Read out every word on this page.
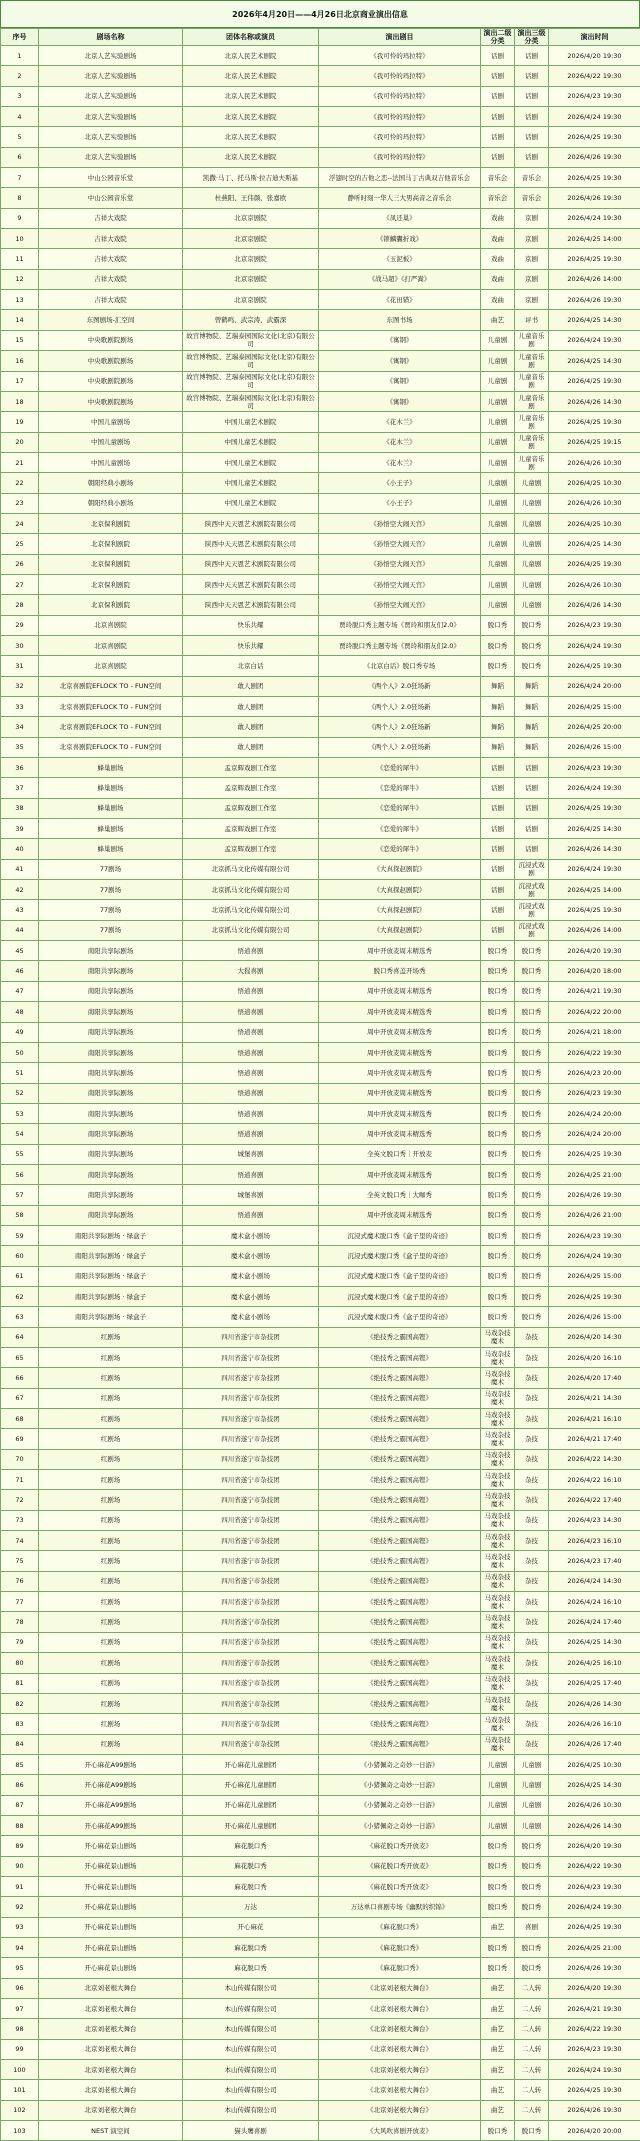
2026年4月20日——4月26日北京商业演出信息
序号	剧场名称	团体名称或演员	演出剧目	演出二级分类	演出三级分类	演出时间
1	北京人艺实验剧场	北京人民艺术剧院	《我可怜的玛拉特》	话剧	话剧	2026/4/20 19:30
2	北京人艺实验剧场	北京人民艺术剧院	《我可怜的玛拉特》	话剧	话剧	2026/4/22 19:30
3	北京人艺实验剧场	北京人民艺术剧院	《我可怜的玛拉特》	话剧	话剧	2026/4/23 19:30
4	北京人艺实验剧场	北京人民艺术剧院	《我可怜的玛拉特》	话剧	话剧	2026/4/24 19:30
5	北京人艺实验剧场	北京人民艺术剧院	《我可怜的玛拉特》	话剧	话剧	2026/4/25 19:30
6	北京人艺实验剧场	北京人民艺术剧院	《我可怜的玛拉特》	话剧	话剧	2026/4/26 19:30
7	中山公园音乐堂	凯撒·马丁、托马斯·拉吉迪夫斯基	浮翅时空的吉他之恋--法国马丁古典双吉他音乐会	音乐会	音乐会	2026/4/25 19:30
8	中山公园音乐堂	杜燕阳、王伟颜、张嘉欧	静听时刻一华人三大男高音之音乐会	音乐会	音乐会	2026/4/26 19:30
9	吉祥大戏院	北京京剧院	《凤还巢》	戏曲	京剧	2026/4/24 19:30
10	吉祥大戏院	北京京剧院	《锁麟囊折戏》	戏曲	京剧	2026/4/25 14:00
11	吉祥大戏院	北京京剧院	《玉泥板》	戏曲	京剧	2026/4/25 19:30
12	吉祥大戏院	北京京剧院	《战马超》《打严嵩》	戏曲	京剧	2026/4/26 14:00
13	吉祥大戏院	北京京剧院	《花田错》	戏曲	京剧	2026/4/26 19:30
14	东图剧场-汇空间	曾鹤鸣、武宗涛、武霸深	东图书场	曲艺	评书	2026/4/25 14:30
15	中央歌剧院剧场	故宫博物院、艺瑞泰园国际文化(北京)有限公司	《寓钢》	儿童剧	儿童音乐剧	2026/4/24 19:30
16	中央歌剧院剧场	故宫博物院、艺瑞泰园国际文化(北京)有限公司	《寓钢》	儿童剧	儿童音乐剧	2026/4/25 14:30
17	中央歌剧院剧场	故宫博物院、艺瑞泰园国际文化(北京)有限公司	《寓钢》	儿童剧	儿童音乐剧	2026/4/25 19:30
18	中央歌剧院剧场	故宫博物院、艺瑞泰园国际文化(北京)有限公司	《寓钢》	儿童剧	儿童音乐剧	2026/4/26 14:30
19	中国儿童剧场	中国儿童艺术剧院	《花木兰》	儿童剧	儿童音乐剧	2026/4/25 19:30
20	中国儿童剧场	中国儿童艺术剧院	《花木兰》	儿童剧	儿童音乐剧	2026/4/25 19:15
21	中国儿童剧场	中国儿童艺术剧院	《花木兰》	儿童剧	儿童音乐剧	2026/4/26 10:30
22	朝阳经典小剧场	中国儿童艺术剧院	《小王子》	儿童剧	儿童剧	2026/4/25 10:30
23	朝阳经典小剧场	中国儿童艺术剧院	《小王子》	儿童剧	儿童剧	2026/4/26 10:30
24	北京保利剧院	陕西中天天恩艺术剧院有限公司	《孙悟空大闹天宫》	儿童剧	儿童剧	2026/4/25 10:30
25	北京保利剧院	陕西中天天恩艺术剧院有限公司	《孙悟空大闹天宫》	儿童剧	儿童剧	2026/4/25 14:30
26	北京保利剧院	陕西中天天恩艺术剧院有限公司	《孙悟空大闹天宫》	儿童剧	儿童剧	2026/4/25 19:30
27	北京保利剧院	陕西中天天恩艺术剧院有限公司	《孙悟空大闹天宫》	儿童剧	儿童剧	2026/4/26 10:30
28	北京保利剧院	陕西中天天恩艺术剧院有限公司	《孙悟空大闹天宫》	儿童剧	儿童剧	2026/4/26 14:30
29	北京喜剧院	快乐共耀	贾玲脱口秀主题专场《贾玲和朋友们2.0》	脱口秀	脱口秀	2026/4/23 19:30
30	北京喜剧院	快乐共耀	贾玲脱口秀主题专场《贾玲和朋友们2.0》	脱口秀	脱口秀	2026/4/24 19:30
31	北京喜剧院	北京白话	《北京白话》脱口秀专场	脱口秀	脱口秀	2026/4/25 19:30
32	北京喜剧院EFLOCK TO - FUN空间	敢人剧团	《两个人》2.0狂场新	舞蹈	舞蹈	2026/4/24 20:00
33	北京喜剧院EFLOCK TO - FUN空间	敢人剧团	《两个人》2.0狂场新	舞蹈	舞蹈	2026/4/25 15:00
34	北京喜剧院EFLOCK TO - FUN空间	敢人剧团	《两个人》2.0狂场新	舞蹈	舞蹈	2026/4/25 20:00
35	北京喜剧院EFLOCK TO - FUN空间	敢人剧团	《两个人》2.0狂场新	舞蹈	舞蹈	2026/4/26 15:00
36	蜂巢剧场	孟京辉戏剧工作室	《恋爱的犀牛》	话剧	话剧	2026/4/23 19:30
37	蜂巢剧场	孟京辉戏剧工作室	《恋爱的犀牛》	话剧	话剧	2026/4/24 19:30
38	蜂巢剧场	孟京辉戏剧工作室	《恋爱的犀牛》	话剧	话剧	2026/4/25 19:30
39	蜂巢剧场	孟京辉戏剧工作室	《恋爱的犀牛》	话剧	话剧	2026/4/25 14:30
40	蜂巢剧场	孟京辉戏剧工作室	《恋爱的犀牛》	话剧	话剧	2026/4/26 14:30
41	77剧场	北京抓马文化传媒有限公司	《大真探赵剧院》	话剧	沉浸式戏剧	2026/4/24 19:30
42	77剧场	北京抓马文化传媒有限公司	《大真探赵剧院》	话剧	沉浸式戏剧	2026/4/25 14:00
43	77剧场	北京抓马文化传媒有限公司	《大真探赵剧院》	话剧	沉浸式戏剧	2026/4/25 19:30
44	77剧场	北京抓马文化传媒有限公司	《大真探赵剧院》	话剧	沉浸式戏剧	2026/4/26 14:00
45	南阳共享际剧场	悟道喜剧	周中开放麦周末精选秀	脱口秀	脱口秀	2026/4/20 19:30
46	南阳共享际剧场	大猩喜剧	脱口秀喜盖开场秀	脱口秀	脱口秀	2026/4/20 18:00
47	南阳共享际剧场	悟道喜剧	周中开放麦周末精选秀	脱口秀	脱口秀	2026/4/21 19:30
48	南阳共享际剧场	悟道喜剧	周中开放麦周末精选秀	脱口秀	脱口秀	2026/4/22 20:00
49	南阳共享际剧场	悟道喜剧	周中开放麦周末精选秀	脱口秀	脱口秀	2026/4/21 18:00
50	南阳共享际剧场	悟道喜剧	周中开放麦周末精选秀	脱口秀	脱口秀	2026/4/22 19:30
51	南阳共享际剧场	悟道喜剧	周中开放麦周末精选秀	脱口秀	脱口秀	2026/4/23 20:00
52	南阳共享际剧场	悟道喜剧	周中开放麦周末精选秀	脱口秀	脱口秀	2026/4/23 19:30
53	南阳共享际剧场	悟道喜剧	周中开放麦周末精选秀	脱口秀	脱口秀	2026/4/24 20:00
54	南阳共享际剧场	悟道喜剧	周中开放麦周末精选秀	脱口秀	脱口秀	2026/4/24 20:00
55	南阳共享际剧场	城堡喜剧	全英文脱口秀｜开放麦	脱口秀	脱口秀	2026/4/25 19:30
56	南阳共享际剧场	悟道喜剧	周中开放麦周末精选秀	脱口秀	脱口秀	2026/4/25 21:00
57	南阳共享际剧场	城堡喜剧	全英文脱口秀｜大咖秀	脱口秀	脱口秀	2026/4/26 19:30
58	南阳共享际剧场	悟道喜剧	周中开放麦周末精选秀	脱口秀	脱口秀	2026/4/26 21:00
59	南阳共享际剧场 · 绿盒子	魔术盒小剧场	沉浸式魔术脱口秀《盒子里的奇迹》	脱口秀	脱口秀	2026/4/23 19:30
60	南阳共享际剧场 · 绿盒子	魔术盒小剧场	沉浸式魔术脱口秀《盒子里的奇迹》	脱口秀	脱口秀	2026/4/24 19:30
61	南阳共享际剧场 · 绿盒子	魔术盒小剧场	沉浸式魔术脱口秀《盒子里的奇迹》	脱口秀	脱口秀	2026/4/25 15:00
62	南阳共享际剧场 · 绿盒子	魔术盒小剧场	沉浸式魔术脱口秀《盒子里的奇迹》	脱口秀	脱口秀	2026/4/25 19:30
63	南阳共享际剧场 · 绿盒子	魔术盒小剧场	沉浸式魔术脱口秀《盒子里的奇迹》	脱口秀	脱口秀	2026/4/26 15:00
64	红剧场	四川省遂宁市杂技团	《绝技秀之霸国高铿》	马戏杂技魔术	杂技	2026/4/20 14:30
65	红剧场	四川省遂宁市杂技团	《绝技秀之霸国高铿》	马戏杂技魔术	杂技	2026/4/20 16:10
66	红剧场	四川省遂宁市杂技团	《绝技秀之霸国高铿》	马戏杂技魔术	杂技	2026/4/20 17:40
67	红剧场	四川省遂宁市杂技团	《绝技秀之霸国高铿》	马戏杂技魔术	杂技	2026/4/21 14:30
68	红剧场	四川省遂宁市杂技团	《绝技秀之霸国高铿》	马戏杂技魔术	杂技	2026/4/21 16:10
69	红剧场	四川省遂宁市杂技团	《绝技秀之霸国高铿》	马戏杂技魔术	杂技	2026/4/21 17:40
70	红剧场	四川省遂宁市杂技团	《绝技秀之霸国高铿》	马戏杂技魔术	杂技	2026/4/22 14:30
71	红剧场	四川省遂宁市杂技团	《绝技秀之霸国高铿》	马戏杂技魔术	杂技	2026/4/22 16:10
72	红剧场	四川省遂宁市杂技团	《绝技秀之霸国高铿》	马戏杂技魔术	杂技	2026/4/22 17:40
73	红剧场	四川省遂宁市杂技团	《绝技秀之霸国高铿》	马戏杂技魔术	杂技	2026/4/23 14:30
74	红剧场	四川省遂宁市杂技团	《绝技秀之霸国高铿》	马戏杂技魔术	杂技	2026/4/23 16:10
75	红剧场	四川省遂宁市杂技团	《绝技秀之霸国高铿》	马戏杂技魔术	杂技	2026/4/23 17:40
76	红剧场	四川省遂宁市杂技团	《绝技秀之霸国高铿》	马戏杂技魔术	杂技	2026/4/24 14:30
77	红剧场	四川省遂宁市杂技团	《绝技秀之霸国高铿》	马戏杂技魔术	杂技	2026/4/24 16:10
78	红剧场	四川省遂宁市杂技团	《绝技秀之霸国高铿》	马戏杂技魔术	杂技	2026/4/24 17:40
79	红剧场	四川省遂宁市杂技团	《绝技秀之霸国高铿》	马戏杂技魔术	杂技	2026/4/25 14:30
80	红剧场	四川省遂宁市杂技团	《绝技秀之霸国高铿》	马戏杂技魔术	杂技	2026/4/25 16:10
81	红剧场	四川省遂宁市杂技团	《绝技秀之霸国高铿》	马戏杂技魔术	杂技	2026/4/25 17:40
82	红剧场	四川省遂宁市杂技团	《绝技秀之霸国高铿》	马戏杂技魔术	杂技	2026/4/26 14:30
83	红剧场	四川省遂宁市杂技团	《绝技秀之霸国高铿》	马戏杂技魔术	杂技	2026/4/26 16:10
84	红剧场	四川省遂宁市杂技团	《绝技秀之霸国高铿》	马戏杂技魔术	杂技	2026/4/26 17:40
85	开心麻花A99剧场	开心麻花儿童剧团	《小猪佩奇之奇妙一日游》	儿童剧	儿童剧	2026/4/25 10:30
86	开心麻花A99剧场	开心麻花儿童剧团	《小猪佩奇之奇妙一日游》	儿童剧	儿童剧	2026/4/25 14:30
87	开心麻花A99剧场	开心麻花儿童剧团	《小猪佩奇之奇妙一日游》	儿童剧	儿童剧	2026/4/26 10:30
88	开心麻花A99剧场	开心麻花儿童剧团	《小猪佩奇之奇妙一日游》	儿童剧	儿童剧	2026/4/26 14:30
89	开心麻花景山剧场	麻花脱口秀	《麻花脱口秀开放麦》	脱口秀	脱口秀	2026/4/20 19:30
90	开心麻花景山剧场	麻花脱口秀	《麻花脱口秀开放麦》	脱口秀	脱口秀	2026/4/22 19:30
91	开心麻花景山剧场	麻花脱口秀	《麻花脱口秀开放麦》	脱口秀	脱口秀	2026/4/23 19:30
92	开心麻花景山剧场	万达	万达单口喜剧专场《幽默的织锦》	脱口秀	脱口秀	2026/4/24 19:30
93	开心麻花景山剧场	开心麻花	《麻花脱口秀》	曲艺	喜剧	2026/4/25 19:30
94	开心麻花景山剧场	麻花脱口秀	《麻花脱口秀》	脱口秀	脱口秀	2026/4/25 21:00
95	开心麻花景山剧场	麻花脱口秀	《麻花脱口秀》	脱口秀	脱口秀	2026/4/26 19:30
96	北京刘老根大舞台	本山传媒有限公司	《北京刘老根大舞台》	曲艺	二人转	2026/4/20 19:30
97	北京刘老根大舞台	本山传媒有限公司	《北京刘老根大舞台》	曲艺	二人转	2026/4/21 19:30
98	北京刘老根大舞台	本山传媒有限公司	《北京刘老根大舞台》	曲艺	二人转	2026/4/22 19:30
99	北京刘老根大舞台	本山传媒有限公司	《北京刘老根大舞台》	曲艺	二人转	2026/4/23 19:30
100	北京刘老根大舞台	本山传媒有限公司	《北京刘老根大舞台》	曲艺	二人转	2026/4/24 19:30
101	北京刘老根大舞台	本山传媒有限公司	《北京刘老根大舞台》	曲艺	二人转	2026/4/25 19:30
102	北京刘老根大舞台	本山传媒有限公司	《北京刘老根大舞台》	曲艺	二人转	2026/4/26 19:30
103	NEST 演空间	猫头鹰喜剧	《大风吹喜剧开放麦》	脱口秀	脱口秀	2026/4/20 20:00
